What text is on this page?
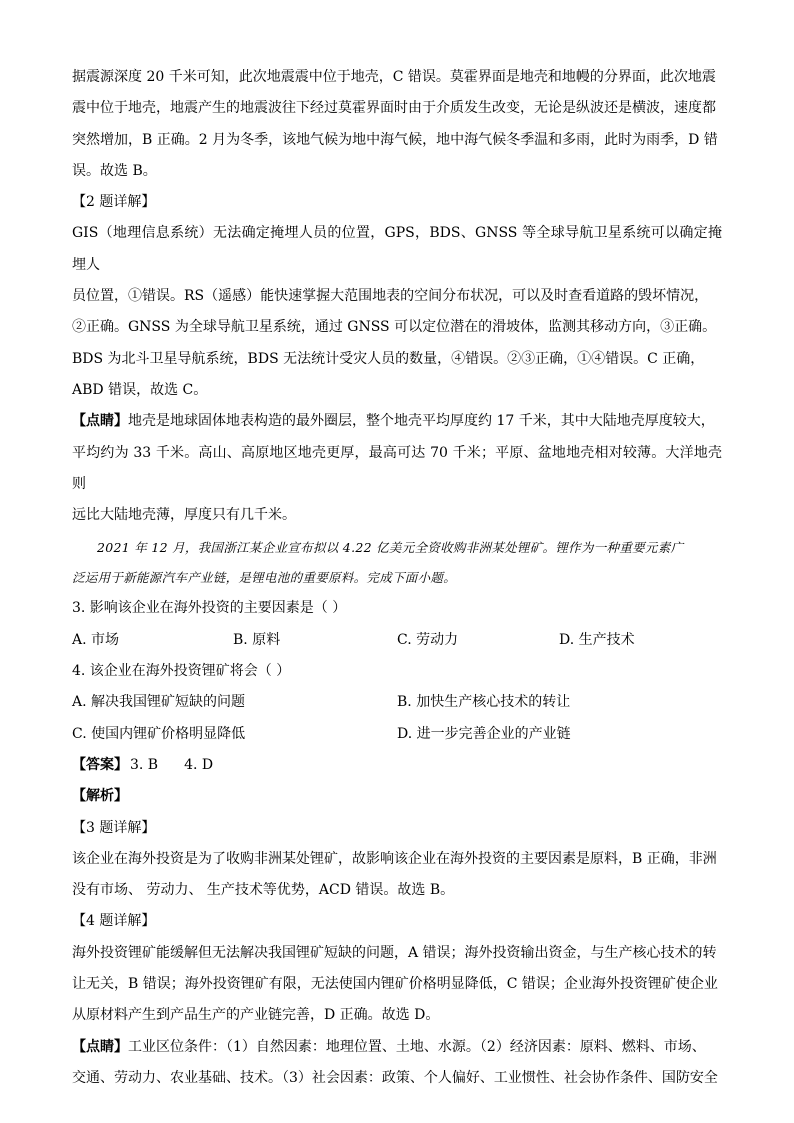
据震源深度 20 千米可知，此次地震震中位于地壳，C 错误。莫霍界面是地壳和地幔的分界面，此次地震

震中位于地壳，地震产生的地震波往下经过莫霍界面时由于介质发生改变，无论是纵波还是横波，速度都

突然增加，B 正确。2 月为冬季，该地气候为地中海气候，地中海气候冬季温和多雨，此时为雨季，D 错

误。故选 B。

【2 题详解】

GIS（地理信息系统）无法确定掩埋人员的位置，GPS，BDS、GNSS 等全球导航卫星系统可以确定掩埋人

员位置，①错误。RS（遥感）能快速掌握大范围地表的空间分布状况，可以及时查看道路的毁坏情况，

②正确。GNSS 为全球导航卫星系统，通过 GNSS 可以定位潜在的滑坡体，监测其移动方向，③正确。

BDS 为北斗卫星导航系统，BDS 无法统计受灾人员的数量，④错误。②③正确，①④错误。C 正确，

ABD 错误，故选 C。

【点睛】地壳是地球固体地表构造的最外圈层，整个地壳平均厚度约 17 千米，其中大陆地壳厚度较大，

平均约为 33 千米。高山、高原地区地壳更厚，最高可达 70 千米；平原、盆地地壳相对较薄。大洋地壳则

远比大陆地壳薄，厚度只有几千米。

2021 年 12 月，我国浙江某企业宣布拟以 4.22 亿美元全资收购非洲某处锂矿。锂作为一种重要元素广

泛运用于新能源汽车产业链，是锂电池的重要原料。完成下面小题。

3. 影响该企业在海外投资的主要因素是（ ）

A. 市场	B. 原料	C. 劳动力	D. 生产技术

4. 该企业在海外投资锂矿将会（ ）

A. 解决我国锂矿短缺的问题	B. 加快生产核心技术的转让
C. 使国内锂矿价格明显降低	D. 进一步完善企业的产业链

【答案】 3. B 4. D

【解析】

【3 题详解】

该企业在海外投资是为了收购非洲某处锂矿，故影响该企业在海外投资的主要因素是原料，B 正确，非洲

没有市场、 劳动力、 生产技术等优势，ACD 错误。故选 B。

【4 题详解】

海外投资锂矿能缓解但无法解决我国锂矿短缺的问题，A 错误；海外投资输出资金，与生产核心技术的转

让无关，B 错误；海外投资锂矿有限，无法使国内锂矿价格明显降低，C 错误；企业海外投资锂矿使企业

从原材料产生到产品生产的产业链完善，D 正确。故选 D。

【点睛】工业区位条件：（1）自然因素：地理位置、土地、水源。（2）经济因素：原料、燃料、市场、

交通、劳动力、农业基础、技术。（3）社会因素：政策、个人偏好、工业惯性、社会协作条件、国防安全
